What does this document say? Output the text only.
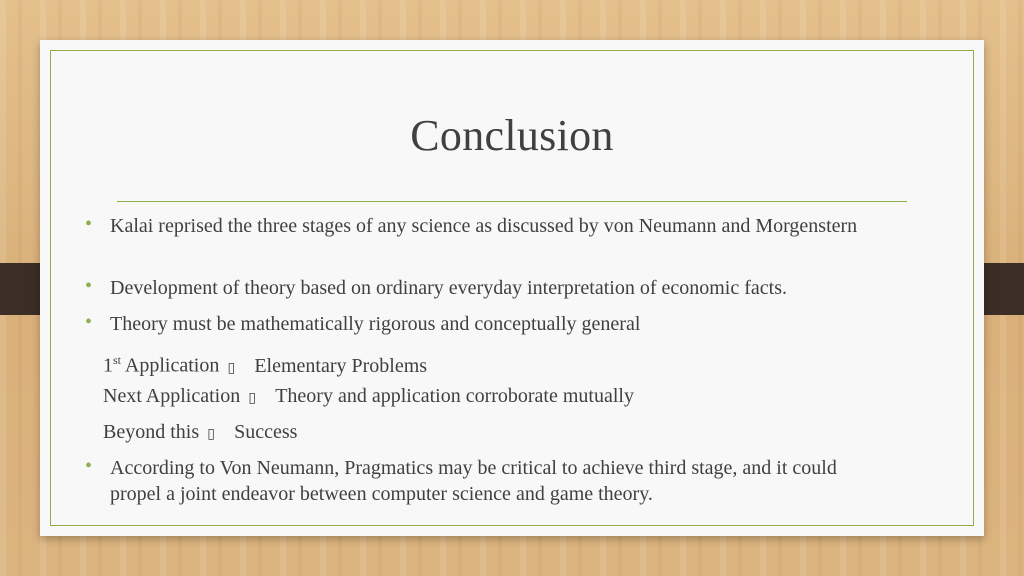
Conclusion
• Kalai reprised the three stages of any science as discussed by von Neumann and Morgenstern
• Development of theory based on ordinary everyday interpretation of economic facts.
• Theory must be mathematically rigorous and conceptually general
1st Application ▯ Elementary Problems
Next Application ▯ Theory and application corroborate mutually
Beyond this ▯ Success
• According to Von Neumann, Pragmatics may be critical to achieve third stage, and it could propel a joint endeavor between computer science and game theory.
